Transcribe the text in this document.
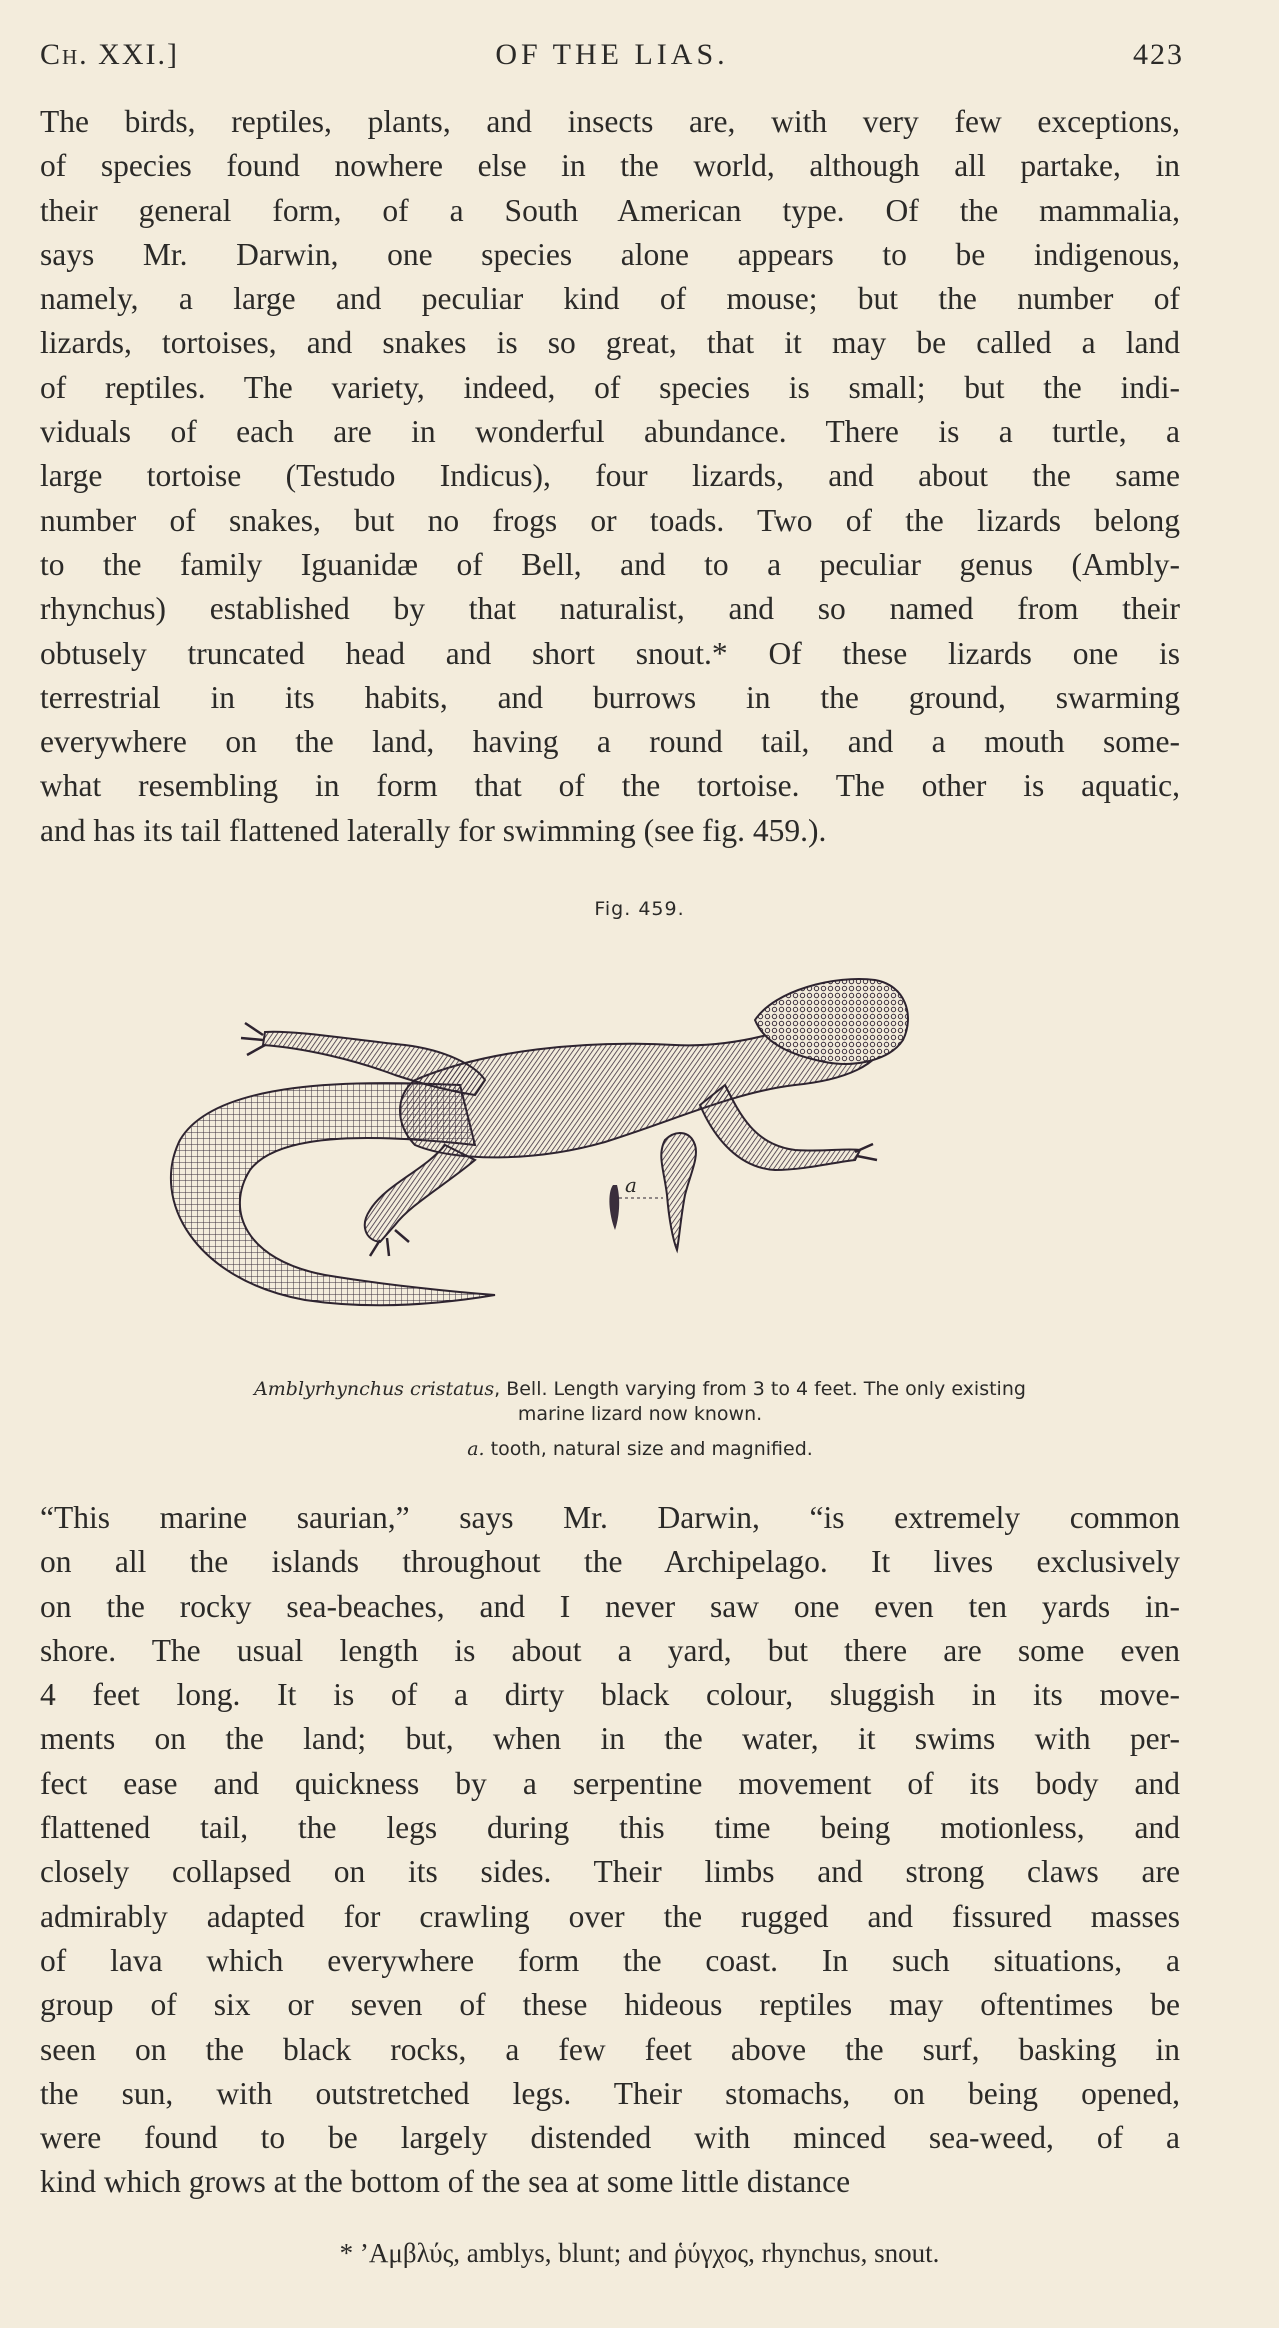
Ch. XXI.]	OF THE LIAS.	423
The birds, reptiles, plants, and insects are, with very few exceptions,
of species found nowhere else in the world, although all partake, in
their general form, of a South American type. Of the mammalia,
says Mr. Darwin, one species alone appears to be indigenous,
namely, a large and peculiar kind of mouse; but the number of
lizards, tortoises, and snakes is so great, that it may be called a land
of reptiles. The variety, indeed, of species is small; but the indi-
viduals of each are in wonderful abundance. There is a turtle, a
large tortoise (Testudo Indicus), four lizards, and about the same
number of snakes, but no frogs or toads. Two of the lizards belong
to the family Iguanidæ of Bell, and to a peculiar genus (Ambly-
rhynchus) established by that naturalist, and so named from their
obtusely truncated head and short snout.* Of these lizards one is
terrestrial in its habits, and burrows in the ground, swarming
everywhere on the land, having a round tail, and a mouth some-
what resembling in form that of the tortoise. The other is aquatic,
and has its tail flattened laterally for swimming (see fig. 459.).
Fig. 459.
a
Amblyrhynchus cristatus, Bell. Length varying from 3 to 4 feet. The only existing
marine lizard now known.
a. tooth, natural size and magnified.
“This marine saurian,” says Mr. Darwin, “is extremely common
on all the islands throughout the Archipelago. It lives exclusively
on the rocky sea-beaches, and I never saw one even ten yards in-
shore. The usual length is about a yard, but there are some even
4 feet long. It is of a dirty black colour, sluggish in its move-
ments on the land; but, when in the water, it swims with per-
fect ease and quickness by a serpentine movement of its body and
flattened tail, the legs during this time being motionless, and
closely collapsed on its sides. Their limbs and strong claws are
admirably adapted for crawling over the rugged and fissured masses
of lava which everywhere form the coast. In such situations, a
group of six or seven of these hideous reptiles may oftentimes be
seen on the black rocks, a few feet above the surf, basking in
the sun, with outstretched legs. Their stomachs, on being opened,
were found to be largely distended with minced sea-weed, of a
kind which grows at the bottom of the sea at some little distance
* ’Αμβλύς, amblys, blunt; and ῥύγχος, rhynchus, snout.
